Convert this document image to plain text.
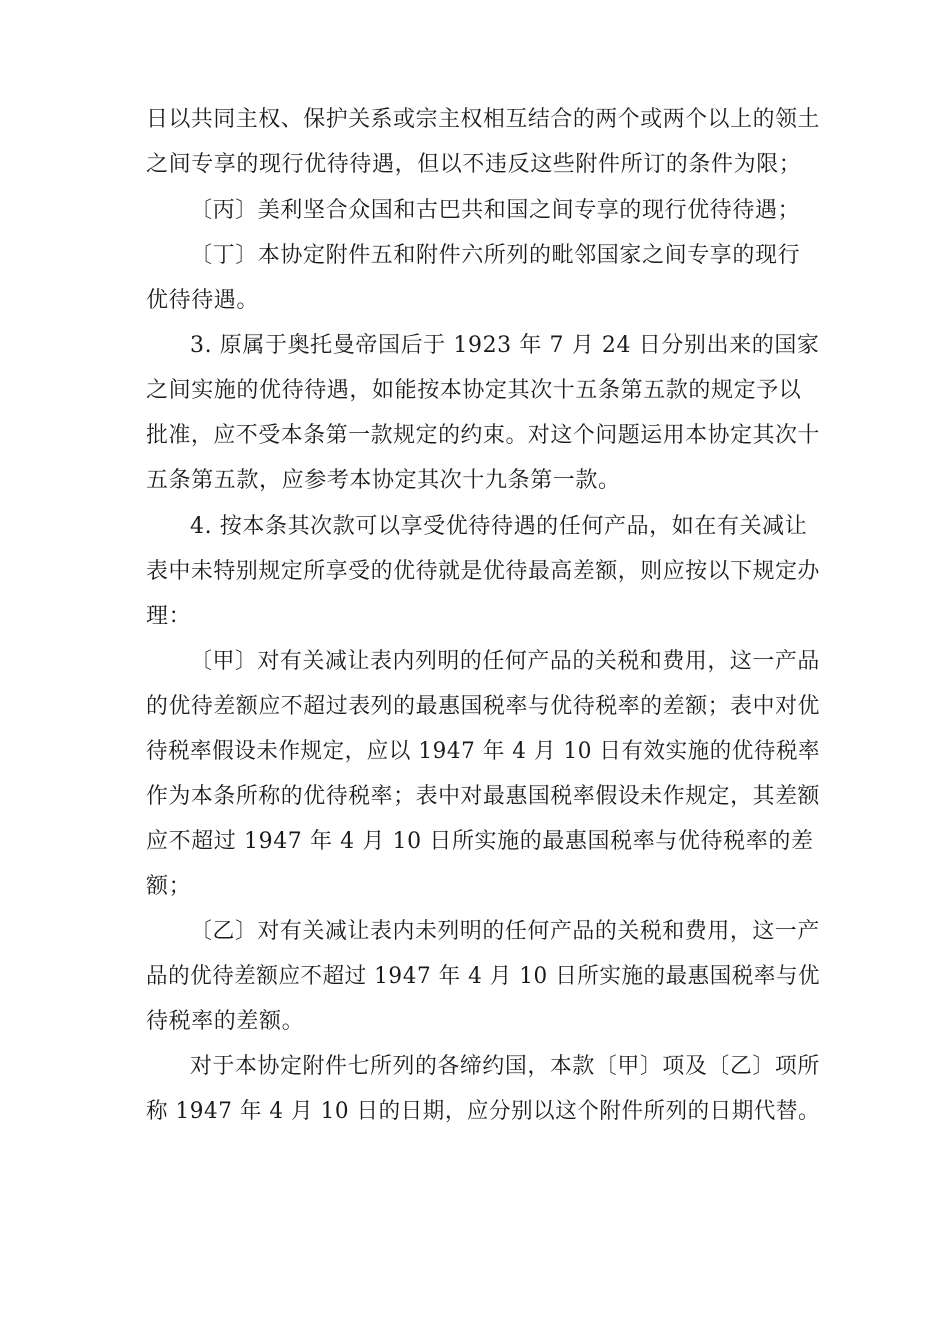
日以共同主权、保护关系或宗主权相互结合的两个或两个以上的领土
之间专享的现行优待待遇，但以不违反这些附件所订的条件为限；
〔丙〕美利坚合众国和古巴共和国之间专享的现行优待待遇；
〔丁〕本协定附件五和附件六所列的毗邻国家之间专享的现行
优待待遇。
3. 原属于奥托曼帝国后于 1923 年 7 月 24 日分别出来的国家
之间实施的优待待遇，如能按本协定其次十五条第五款的规定予以
批准，应不受本条第一款规定的约束。对这个问题运用本协定其次十
五条第五款，应参考本协定其次十九条第一款。
4. 按本条其次款可以享受优待待遇的任何产品，如在有关减让
表中未特别规定所享受的优待就是优待最高差额，则应按以下规定办
理：
〔甲〕对有关减让表内列明的任何产品的关税和费用，这一产品
的优待差额应不超过表列的最惠国税率与优待税率的差额；表中对优
待税率假设未作规定，应以 1947 年 4 月 10 日有效实施的优待税率
作为本条所称的优待税率；表中对最惠国税率假设未作规定，其差额
应不超过 1947 年 4 月 10 日所实施的最惠国税率与优待税率的差
额；
〔乙〕对有关减让表内未列明的任何产品的关税和费用，这一产
品的优待差额应不超过 1947 年 4 月 10 日所实施的最惠国税率与优
待税率的差额。
对于本协定附件七所列的各缔约国，本款〔甲〕项及〔乙〕项所
称 1947 年 4 月 10 日的日期，应分别以这个附件所列的日期代替。
